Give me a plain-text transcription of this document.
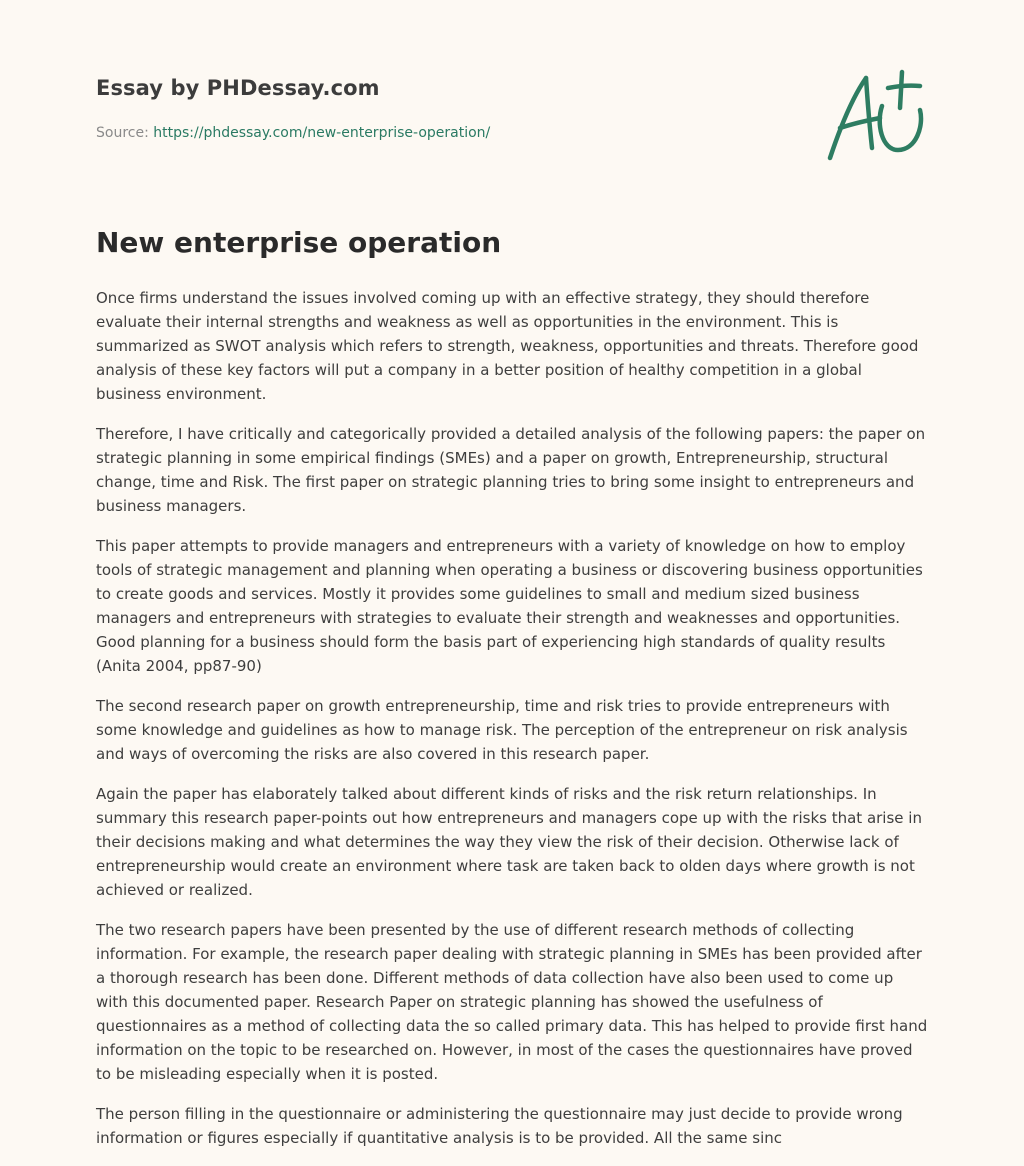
Essay by PHDessay.com
Source: https://phdessay.com/new-enterprise-operation/
New enterprise operation

Once firms understand the issues involved coming up with an effective strategy, they should therefore evaluate their internal strengths and weakness as well as opportunities in the environment. This is summarized as SWOT analysis which refers to strength, weakness, opportunities and threats. Therefore good analysis of these key factors will put a company in a better position of healthy competition in a global business environment.

Therefore, I have critically and categorically provided a detailed analysis of the following papers: the paper on strategic planning in some empirical findings (SMEs) and a paper on growth, Entrepreneurship, structural change, time and Risk. The first paper on strategic planning tries to bring some insight to entrepreneurs and business managers.

This paper attempts to provide managers and entrepreneurs with a variety of knowledge on how to employ tools of strategic management and planning when operating a business or discovering business opportunities to create goods and services. Mostly it provides some guidelines to small and medium sized business managers and entrepreneurs with strategies to evaluate their strength and weaknesses and opportunities. Good planning for a business should form the basis part of experiencing high standards of quality results (Anita 2004, pp87-90)

The second research paper on growth entrepreneurship, time and risk tries to provide entrepreneurs with some knowledge and guidelines as how to manage risk. The perception of the entrepreneur on risk analysis and ways of overcoming the risks are also covered in this research paper.

Again the paper has elaborately talked about different kinds of risks and the risk return relationships. In summary this research paper-points out how entrepreneurs and managers cope up with the risks that arise in their decisions making and what determines the way they view the risk of their decision. Otherwise lack of entrepreneurship would create an environment where task are taken back to olden days where growth is not achieved or realized.

The two research papers have been presented by the use of different research methods of collecting information. For example, the research paper dealing with strategic planning in SMEs has been provided after a thorough research has been done. Different methods of data collection have also been used to come up with this documented paper. Research Paper on strategic planning has showed the usefulness of questionnaires as a method of collecting data the so called primary data. This has helped to provide first hand information on the topic to be researched on. However, in most of the cases the questionnaires have proved to be misleading especially when it is posted.

The person filling in the questionnaire or administering the questionnaire may just decide to provide wrong information or figures especially if quantitative analysis is to be provided. All the same sinc
